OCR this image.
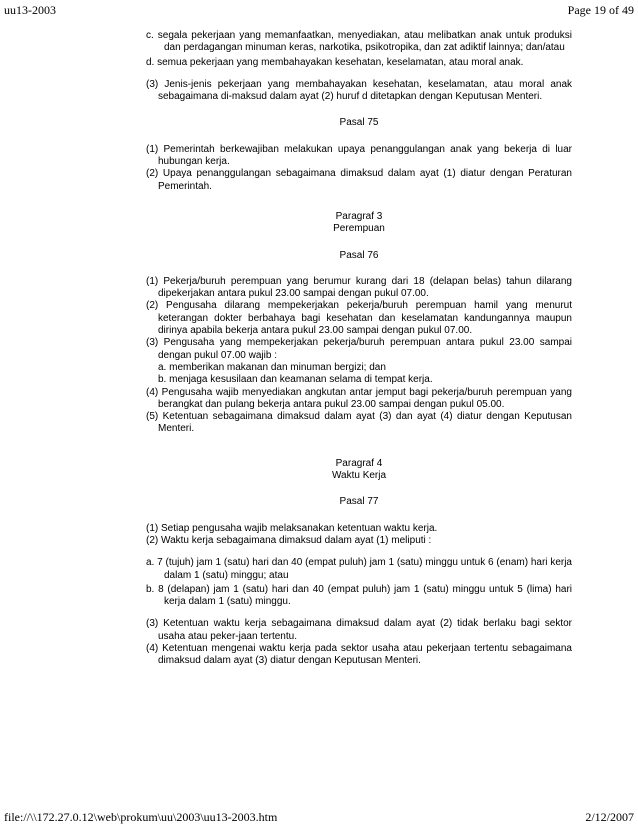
uu13-2003	Page 19 of 49

c. segala pekerjaan yang memanfaatkan, menyediakan, atau melibatkan anak untuk produksi dan perdagangan minuman keras, narkotika, psikotropika, dan zat adiktif lainnya; dan/atau

d. semua pekerjaan yang membahayakan kesehatan, keselamatan, atau moral anak.

(3) Jenis-jenis pekerjaan yang membahayakan kesehatan, keselamatan, atau moral anak sebagaimana di-maksud dalam ayat (2) huruf d ditetapkan dengan Keputusan Menteri.

Pasal 75

(1) Pemerintah berkewajiban melakukan upaya penanggulangan anak yang bekerja di luar hubungan kerja.

(2) Upaya penanggulangan sebagaimana dimaksud dalam ayat (1) diatur dengan Peraturan Pemerintah.

Paragraf 3

Perempuan

Pasal 76

(1) Pekerja/buruh perempuan yang berumur kurang dari 18 (delapan belas) tahun dilarang dipekerjakan antara pukul 23.00 sampai dengan pukul 07.00.

(2) Pengusaha dilarang mempekerjakan pekerja/buruh perempuan hamil yang menurut keterangan dokter berbahaya bagi kesehatan dan keselamatan kandungannya maupun dirinya apabila bekerja antara pukul 23.00 sampai dengan pukul 07.00.

(3) Pengusaha yang mempekerjakan pekerja/buruh perempuan antara pukul 23.00 sampai dengan pukul 07.00 wajib :

a. memberikan makanan dan minuman bergizi; dan

b. menjaga kesusilaan dan keamanan selama di tempat kerja.

(4) Pengusaha wajib menyediakan angkutan antar jemput bagi pekerja/buruh perempuan yang berangkat dan pulang bekerja antara pukul 23.00 sampai dengan pukul 05.00.

(5) Ketentuan sebagaimana dimaksud dalam ayat (3) dan ayat (4) diatur dengan Keputusan Menteri.

Paragraf 4

Waktu Kerja

Pasal 77

(1) Setiap pengusaha wajib melaksanakan ketentuan waktu kerja.

(2) Waktu kerja sebagaimana dimaksud dalam ayat (1) meliputi :

a. 7 (tujuh) jam 1 (satu) hari dan 40 (empat puluh) jam 1 (satu) minggu untuk 6 (enam) hari kerja dalam 1 (satu) minggu; atau

b. 8 (delapan) jam 1 (satu) hari dan 40 (empat puluh) jam 1 (satu) minggu untuk 5 (lima) hari kerja dalam 1 (satu) minggu.

(3) Ketentuan waktu kerja sebagaimana dimaksud dalam ayat (2) tidak berlaku bagi sektor usaha atau peker-jaan tertentu.

(4) Ketentuan mengenai waktu kerja pada sektor usaha atau pekerjaan tertentu sebagaimana dimaksud dalam ayat (3) diatur dengan Keputusan Menteri.

file://\\172.27.0.12\web\prokum\uu\2003\uu13-2003.htm	2/12/2007
